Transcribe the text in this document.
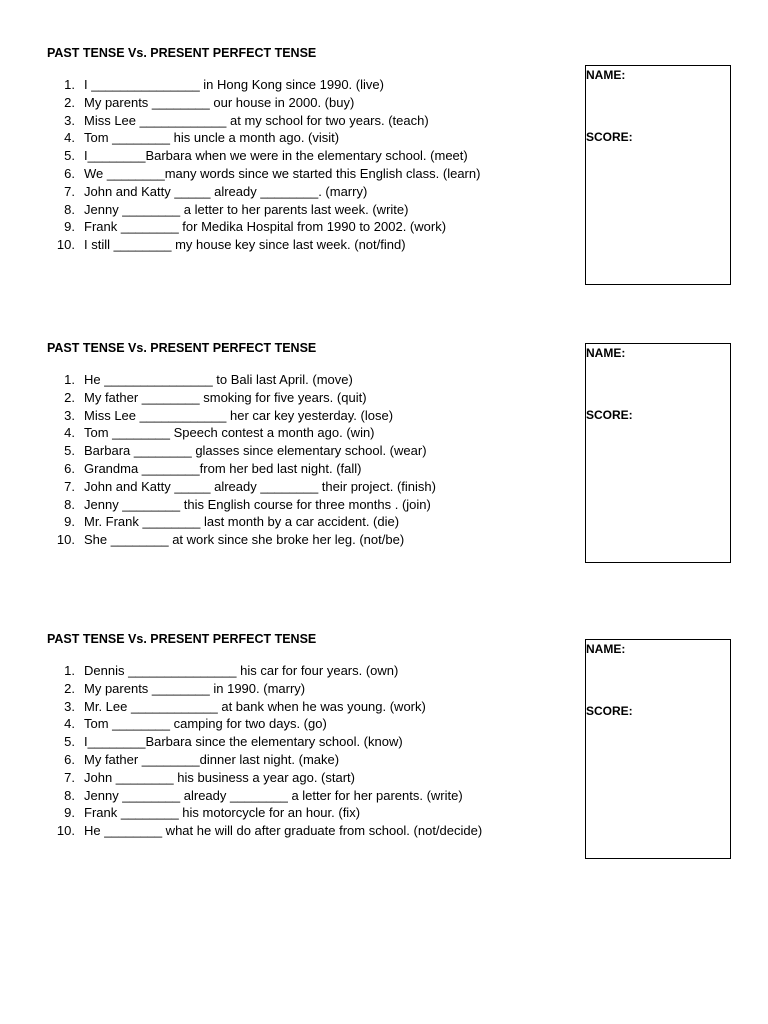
PAST TENSE Vs. PRESENT PERFECT TENSE
1. I _______________ in Hong Kong since 1990. (live)
2. My parents ________ our house in 2000. (buy)
3. Miss Lee ____________ at my school for two years. (teach)
4. Tom ________ his uncle a month ago. (visit)
5. I________Barbara when we were in the elementary school. (meet)
6. We ________many words since we started this English class. (learn)
7. John and Katty _____ already ________. (marry)
8. Jenny ________ a letter to her parents last week. (write)
9. Frank ________ for Medika Hospital from 1990 to 2002. (work)
10. I still ________ my house key since last week. (not/find)
NAME:
SCORE:
PAST TENSE Vs. PRESENT PERFECT TENSE
1. He _______________ to Bali last April. (move)
2. My father ________ smoking for five years. (quit)
3. Miss Lee ____________ her car key yesterday. (lose)
4. Tom ________ Speech contest a month ago. (win)
5. Barbara ________ glasses since elementary school. (wear)
6. Grandma ________from her bed last night. (fall)
7. John and Katty _____ already ________ their project. (finish)
8. Jenny ________ this English course for three months . (join)
9. Mr. Frank ________ last month by a car accident. (die)
10. She ________ at work since she broke her leg. (not/be)
NAME:
SCORE:
PAST TENSE Vs. PRESENT PERFECT TENSE
1. Dennis _______________ his car for four years. (own)
2. My parents ________ in 1990. (marry)
3. Mr. Lee ____________ at bank when he was young. (work)
4. Tom ________ camping for two days. (go)
5. I________Barbara since the elementary school. (know)
6. My father ________dinner last night. (make)
7. John ________ his business a year ago. (start)
8. Jenny ________ already ________ a letter for her parents. (write)
9. Frank ________ his motorcycle for an hour. (fix)
10. He ________ what he will do after graduate from school. (not/decide)
NAME:
SCORE:
